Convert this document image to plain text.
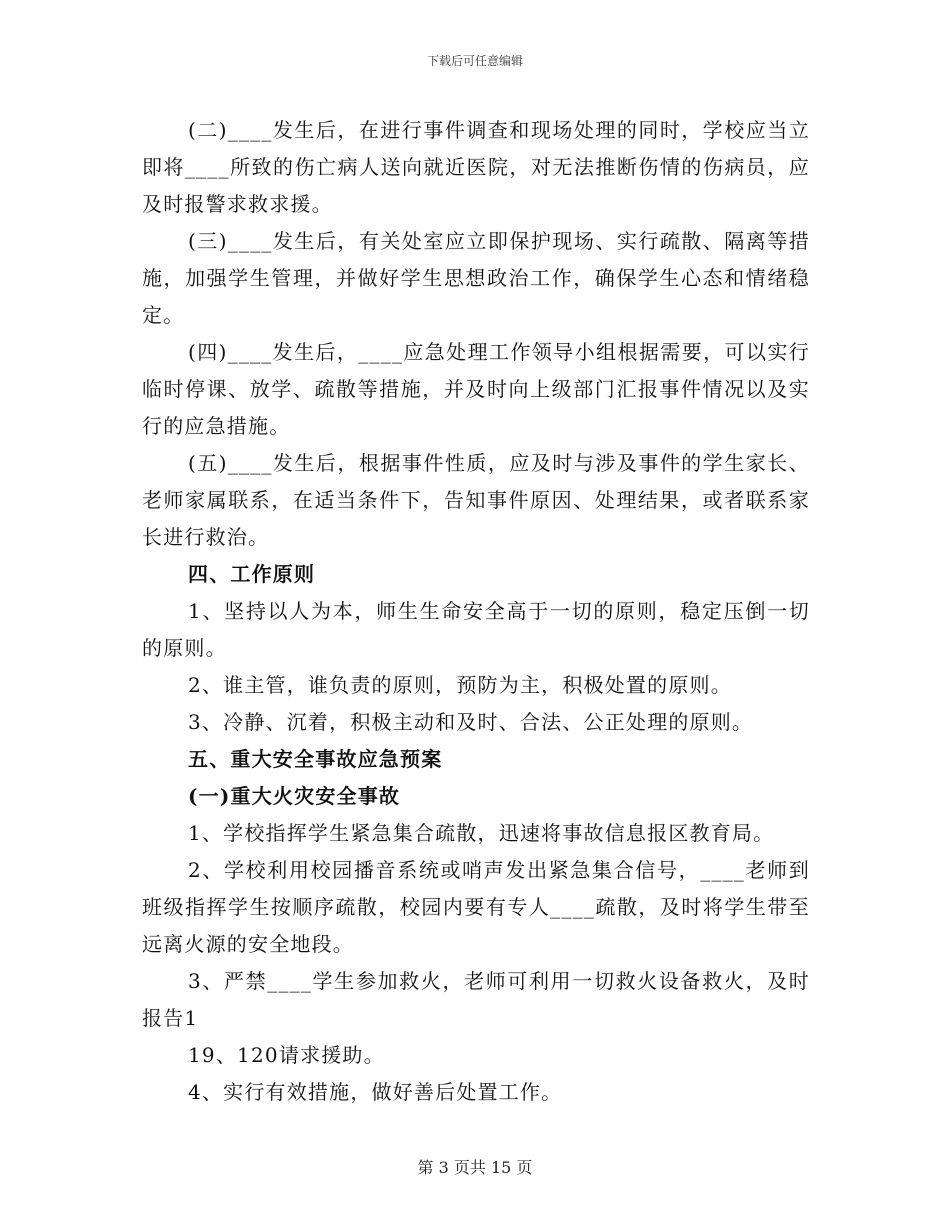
下载后可任意编辑

(二)____发生后，在进行事件调查和现场处理的同时，学校应当立即将____所致的伤亡病人送向就近医院，对无法推断伤情的伤病员，应及时报警求救求援。

(三)____发生后，有关处室应立即保护现场、实行疏散、隔离等措施，加强学生管理，并做好学生思想政治工作，确保学生心态和情绪稳定。

(四)____发生后，____应急处理工作领导小组根据需要，可以实行临时停课、放学、疏散等措施，并及时向上级部门汇报事件情况以及实行的应急措施。

(五)____发生后，根据事件性质，应及时与涉及事件的学生家长、老师家属联系，在适当条件下，告知事件原因、处理结果，或者联系家长进行救治。

四、工作原则

1、坚持以人为本，师生生命安全高于一切的原则，稳定压倒一切的原则。

2、谁主管，谁负责的原则，预防为主，积极处置的原则。

3、冷静、沉着，积极主动和及时、合法、公正处理的原则。

五、重大安全事故应急预案

(一)重大火灾安全事故

1、学校指挥学生紧急集合疏散，迅速将事故信息报区教育局。

2、学校利用校园播音系统或哨声发出紧急集合信号，____老师到班级指挥学生按顺序疏散，校园内要有专人____疏散，及时将学生带至远离火源的安全地段。

3、严禁____学生参加救火，老师可利用一切救火设备救火，及时报告1

19、120请求援助。

4、实行有效措施，做好善后处置工作。

第 3 页共 15 页
